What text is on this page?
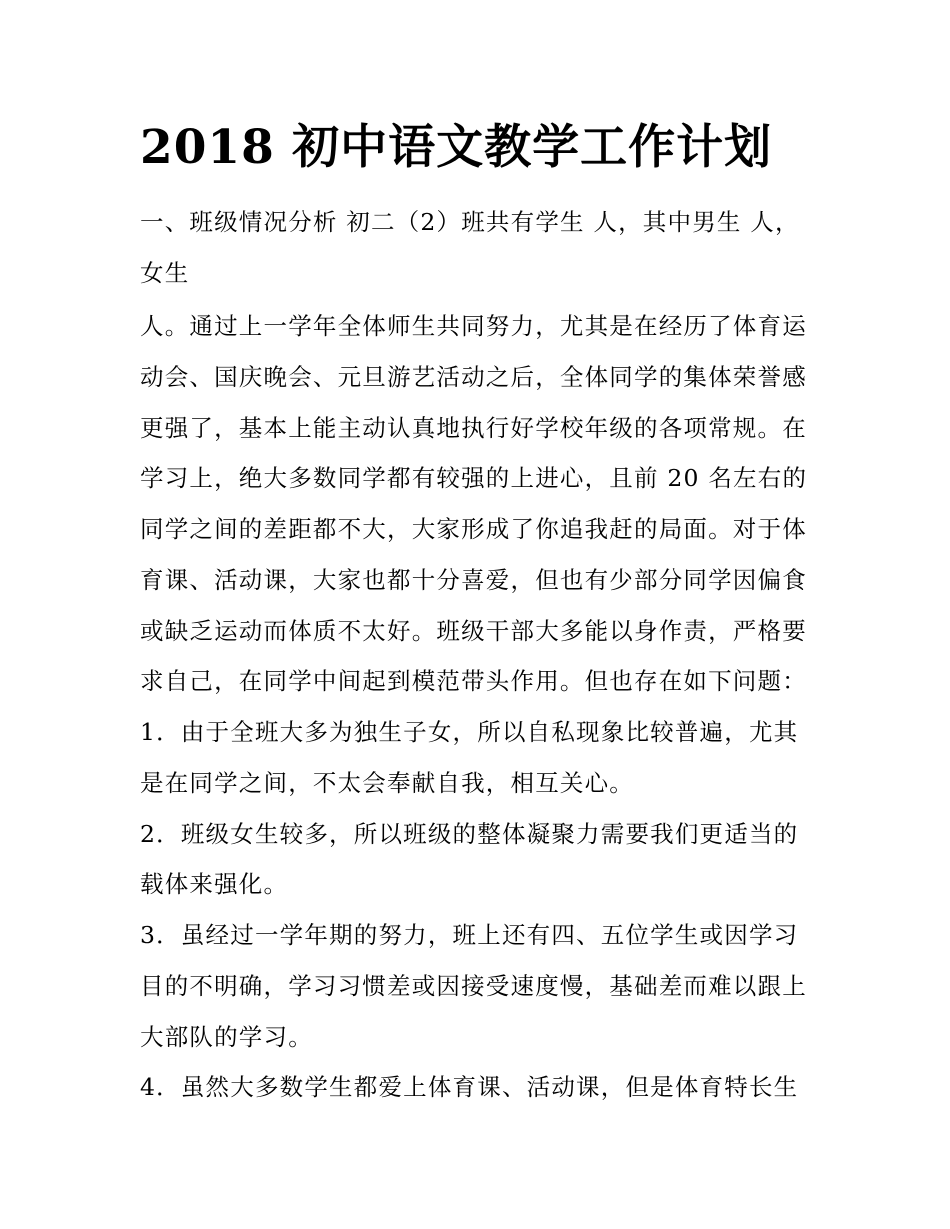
2018 初中语文教学工作计划
一、班级情况分析 初二（2）班共有学生 人，其中男生 人，
女生
人。通过上一学年全体师生共同努力，尤其是在经历了体育运
动会、国庆晚会、元旦游艺活动之后，全体同学的集体荣誉感
更强了，基本上能主动认真地执行好学校年级的各项常规。在
学习上，绝大多数同学都有较强的上进心，且前 20 名左右的
同学之间的差距都不大，大家形成了你追我赶的局面。对于体
育课、活动课，大家也都十分喜爱，但也有少部分同学因偏食
或缺乏运动而体质不太好。班级干部大多能以身作责，严格要
求自己，在同学中间起到模范带头作用。但也存在如下问题：
1．由于全班大多为独生子女，所以自私现象比较普遍，尤其
是在同学之间，不太会奉献自我，相互关心。
2．班级女生较多，所以班级的整体凝聚力需要我们更适当的
载体来强化。
3．虽经过一学年期的努力，班上还有四、五位学生或因学习
目的不明确，学习习惯差或因接受速度慢，基础差而难以跟上
大部队的学习。
4．虽然大多数学生都爱上体育课、活动课，但是体育特长生
